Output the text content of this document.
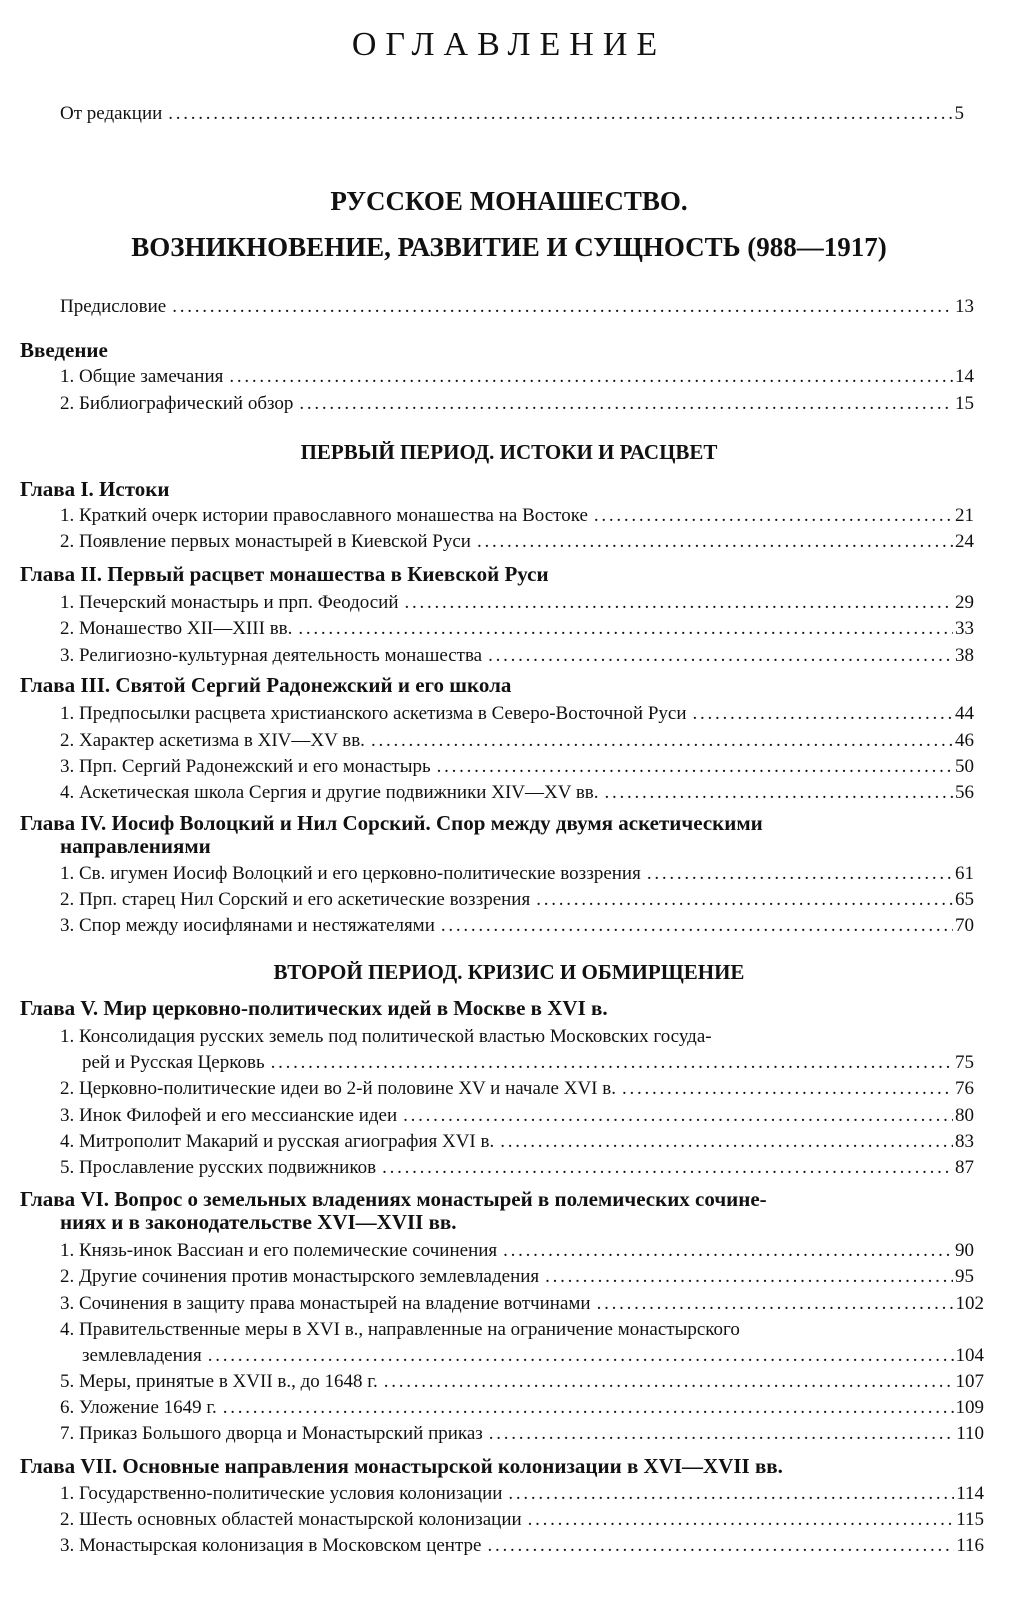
ОГЛАВЛЕНИЕ
От редакции . . .	5
РУССКОЕ МОНАШЕСТВО.
ВОЗНИКНОВЕНИЕ, РАЗВИТИЕ И СУЩНОСТЬ (988—1917)
Предисловие . . .	13
Введение
1. Общие замечания . . .	14
2. Библиографический обзор . . .	15
ПЕРВЫЙ ПЕРИОД. ИСТОКИ И РАСЦВЕТ
Глава I. Истоки
1. Краткий очерк истории православного монашества на Востоке . . .	21
2. Появление первых монастырей в Киевской Руси . . .	24
Глава II. Первый расцвет монашества в Киевской Руси
1. Печерский монастырь и прп. Феодосий . . .	29
2. Монашество XII—XIII вв. . . .	33
3. Религиозно-культурная деятельность монашества . . .	38
Глава III. Святой Сергий Радонежский и его школа
1. Предпосылки расцвета христианского аскетизма в Северо-Восточной Руси . . .	44
2. Характер аскетизма в XIV—XV вв. . . .	46
3. Прп. Сергий Радонежский и его монастырь . . .	50
4. Аскетическая школа Сергия и другие подвижники XIV—XV вв. . . .	56
Глава IV. Иосиф Волоцкий и Нил Сорский. Спор между двумя аскетическими
направлениями
1. Св. игумен Иосиф Волоцкий и его церковно-политические воззрения . . .	61
2. Прп. старец Нил Сорский и его аскетические воззрения . . .	65
3. Спор между иосифлянами и нестяжателями . . .	70
ВТОРОЙ ПЕРИОД. КРИЗИС И ОБМИРЩЕНИЕ
Глава V. Мир церковно-политических идей в Москве в XVI в.
1. Консолидация русских земель под политической властью Московских госуда-
рей и Русская Церковь . . .	75
2. Церковно-политические идеи во 2-й половине XV и начале XVI в. . . .	76
3. Инок Филофей и его мессианские идеи . . .	80
4. Митрополит Макарий и русская агиография XVI в. . . .	83
5. Прославление русских подвижников . . .	87
Глава VI. Вопрос о земельных владениях монастырей в полемических сочине-
ниях и в законодательстве XVI—XVII вв.
1. Князь-инок Вассиан и его полемические сочинения . . .	90
2. Другие сочинения против монастырского землевладения . . .	95
3. Сочинения в защиту права монастырей на владение вотчинами . . .	102
4. Правительственные меры в XVI в., направленные на ограничение монастырского
землевладения . . .	104
5. Меры, принятые в XVII в., до 1648 г. . . .	107
6. Уложение 1649 г. . . .	109
7. Приказ Большого дворца и Монастырский приказ . . .	110
Глава VII. Основные направления монастырской колонизации в XVI—XVII вв.
1. Государственно-политические условия колонизации . . .	114
2. Шесть основных областей монастырской колонизации . . .	115
3. Монастырская колонизация в Московском центре . . .	116
